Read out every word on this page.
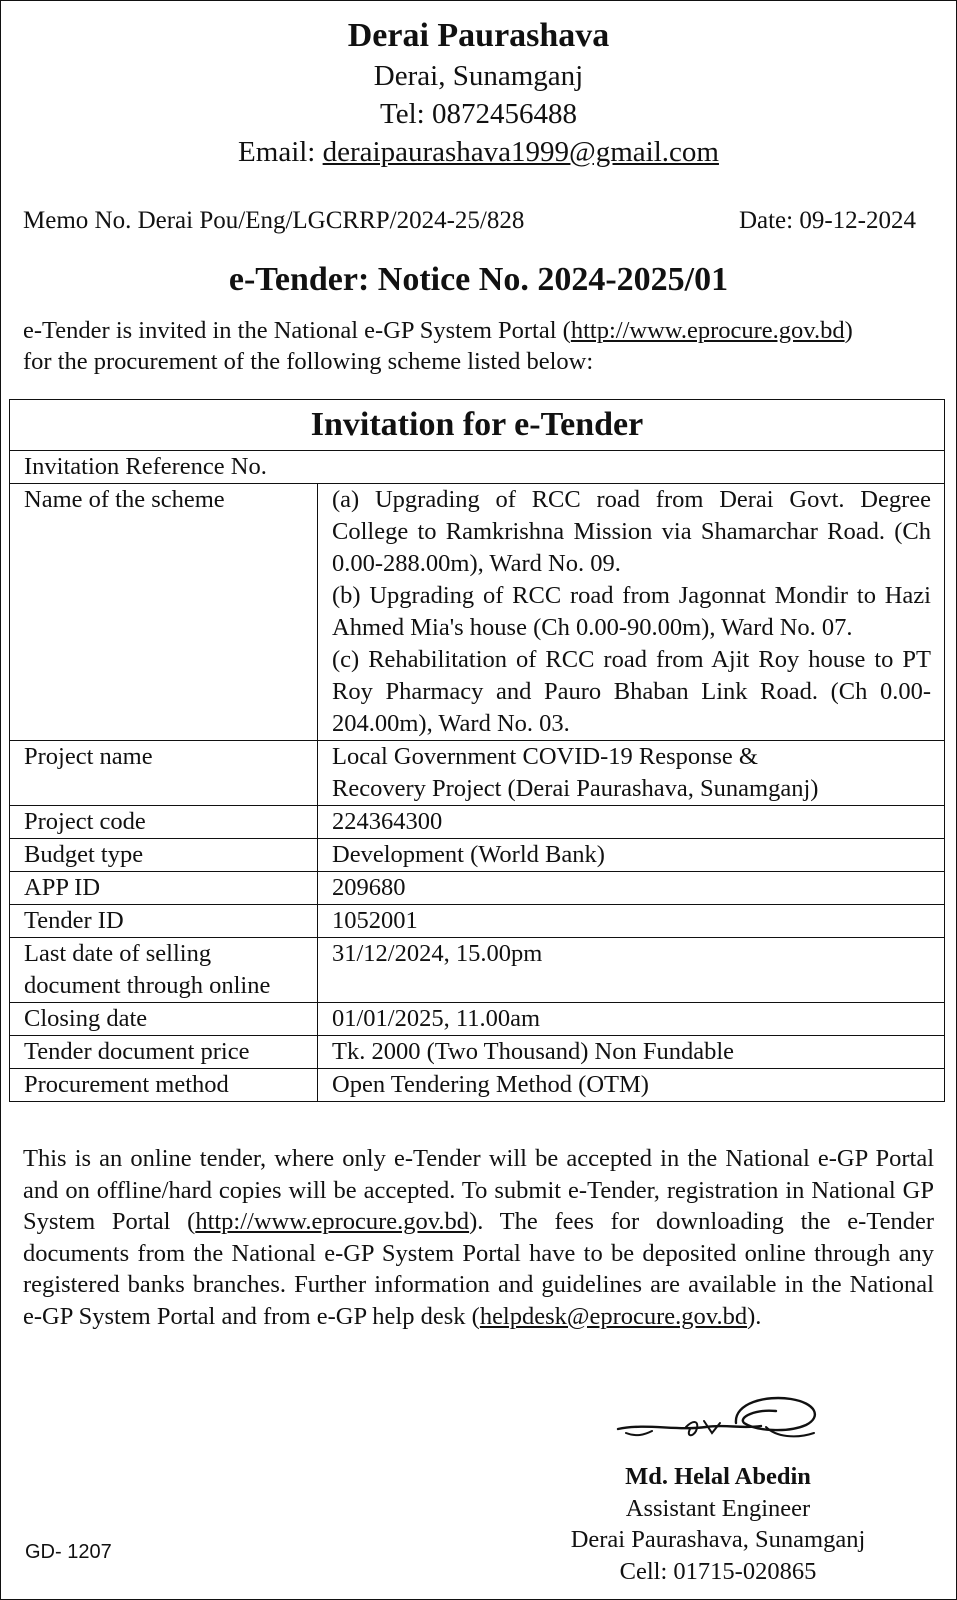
Derai Paurashava
Derai, Sunamganj
Tel: 0872456488
Email: deraipaurashava1999@gmail.com
Memo No. Derai Pou/Eng/LGCRRP/2024-25/828	Date: 09-12-2024
e-Tender: Notice No. 2024-2025/01
e-Tender is invited in the National e-GP System Portal (http://www.eprocure.gov.bd)
for the procurement of the following scheme listed below:
Invitation for e-Tender
Invitation Reference No.	
Name of the scheme	(a) Upgrading of RCC road from Derai Govt. Degree College to Ramkrishna Mission via Shamarchar Road. (Ch 0.00-288.00m), Ward No. 09.
(b) Upgrading of RCC road from Jagonnat Mondir to Hazi Ahmed Mia's house (Ch 0.00-90.00m), Ward No. 07.
(c) Rehabilitation of RCC road from Ajit Roy house to PT Roy Pharmacy and Pauro Bhaban Link Road. (Ch 0.00-204.00m), Ward No. 03.

Project name	Local Government COVID-19 Response &
Recovery Project (Derai Paurashava, Sunamganj)

Project code	224364300
Budget type	Development (World Bank)
APP ID	209680
Tender ID	1052001

Last date of selling
document through online	31/12/2024, 15.00pm
Closing date	01/01/2025, 11.00am
Tender document price	Tk. 2000 (Two Thousand) Non Fundable
Procurement method	Open Tendering Method (OTM)
This is an online tender, where only e-Tender will be accepted in the National e-GP Portal and on offline/hard copies will be accepted. To submit e-Tender, registration in National GP System Portal (http://www.eprocure.gov.bd). The fees for downloading the e-Tender documents from the National e-GP System Portal have to be deposited online through any registered banks branches. Further information and guidelines are available in the National e-GP System Portal and from e-GP help desk (helpdesk@eprocure.gov.bd).
Md. Helal Abedin
Assistant Engineer
Derai Paurashava, Sunamganj
Cell: 01715-020865
GD- 1207
